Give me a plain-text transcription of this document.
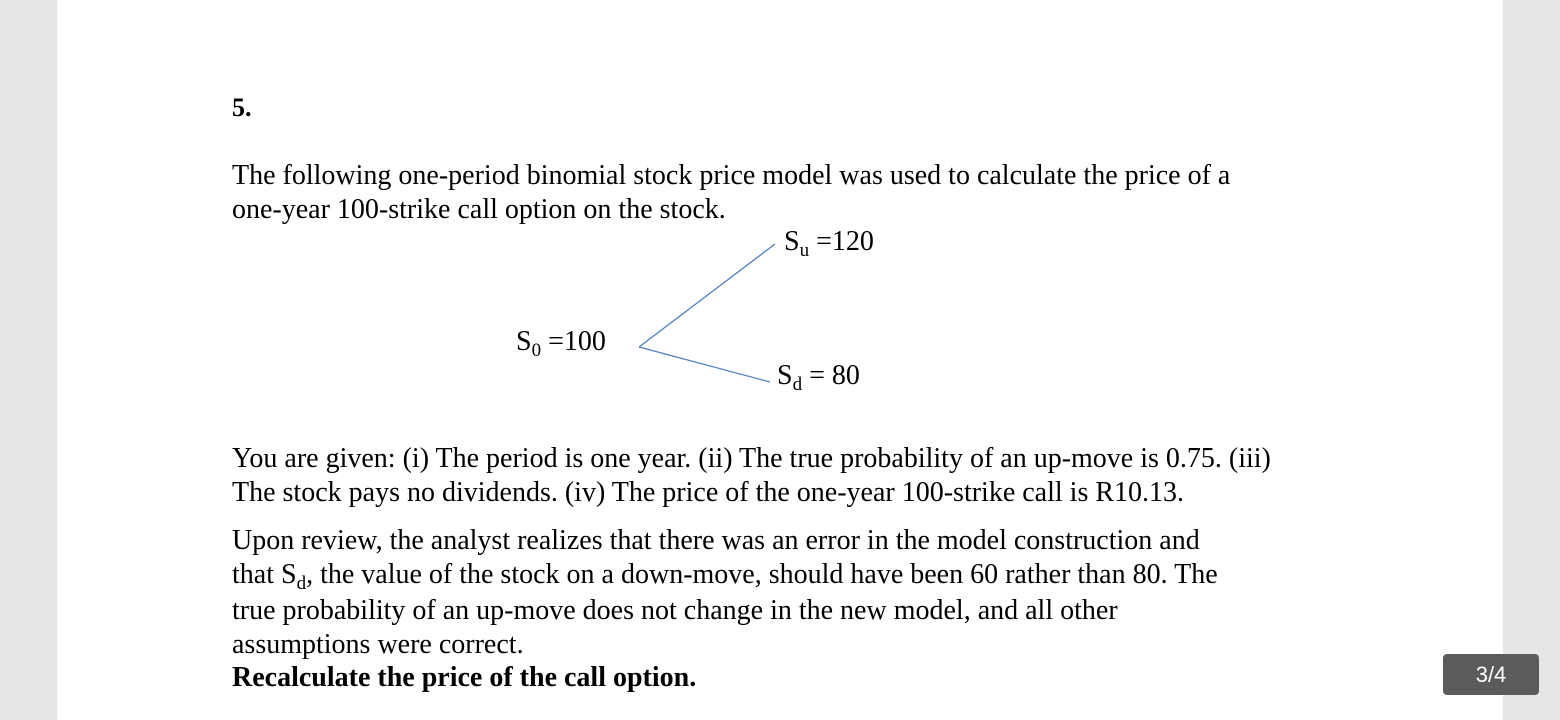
5.
The following one-period binomial stock price model was used to calculate the price of a
one-year 100-strike call option on the stock.
$S_0 =100$
$S_u =120$
$S_d = 80$
You are given: (i) The period is one year. (ii) The true probability of an up-move is 0.75. (iii)
The stock pays no dividends. (iv) The price of the one-year 100-strike call is R10.13.
Upon review, the analyst realizes that there was an error in the model construction and
that $S_d$, the value of the stock on a down-move, should have been 60 rather than 80. The
true probability of an up-move does not change in the new model, and all other
assumptions were correct.
Recalculate the price of the call option.	3/4
